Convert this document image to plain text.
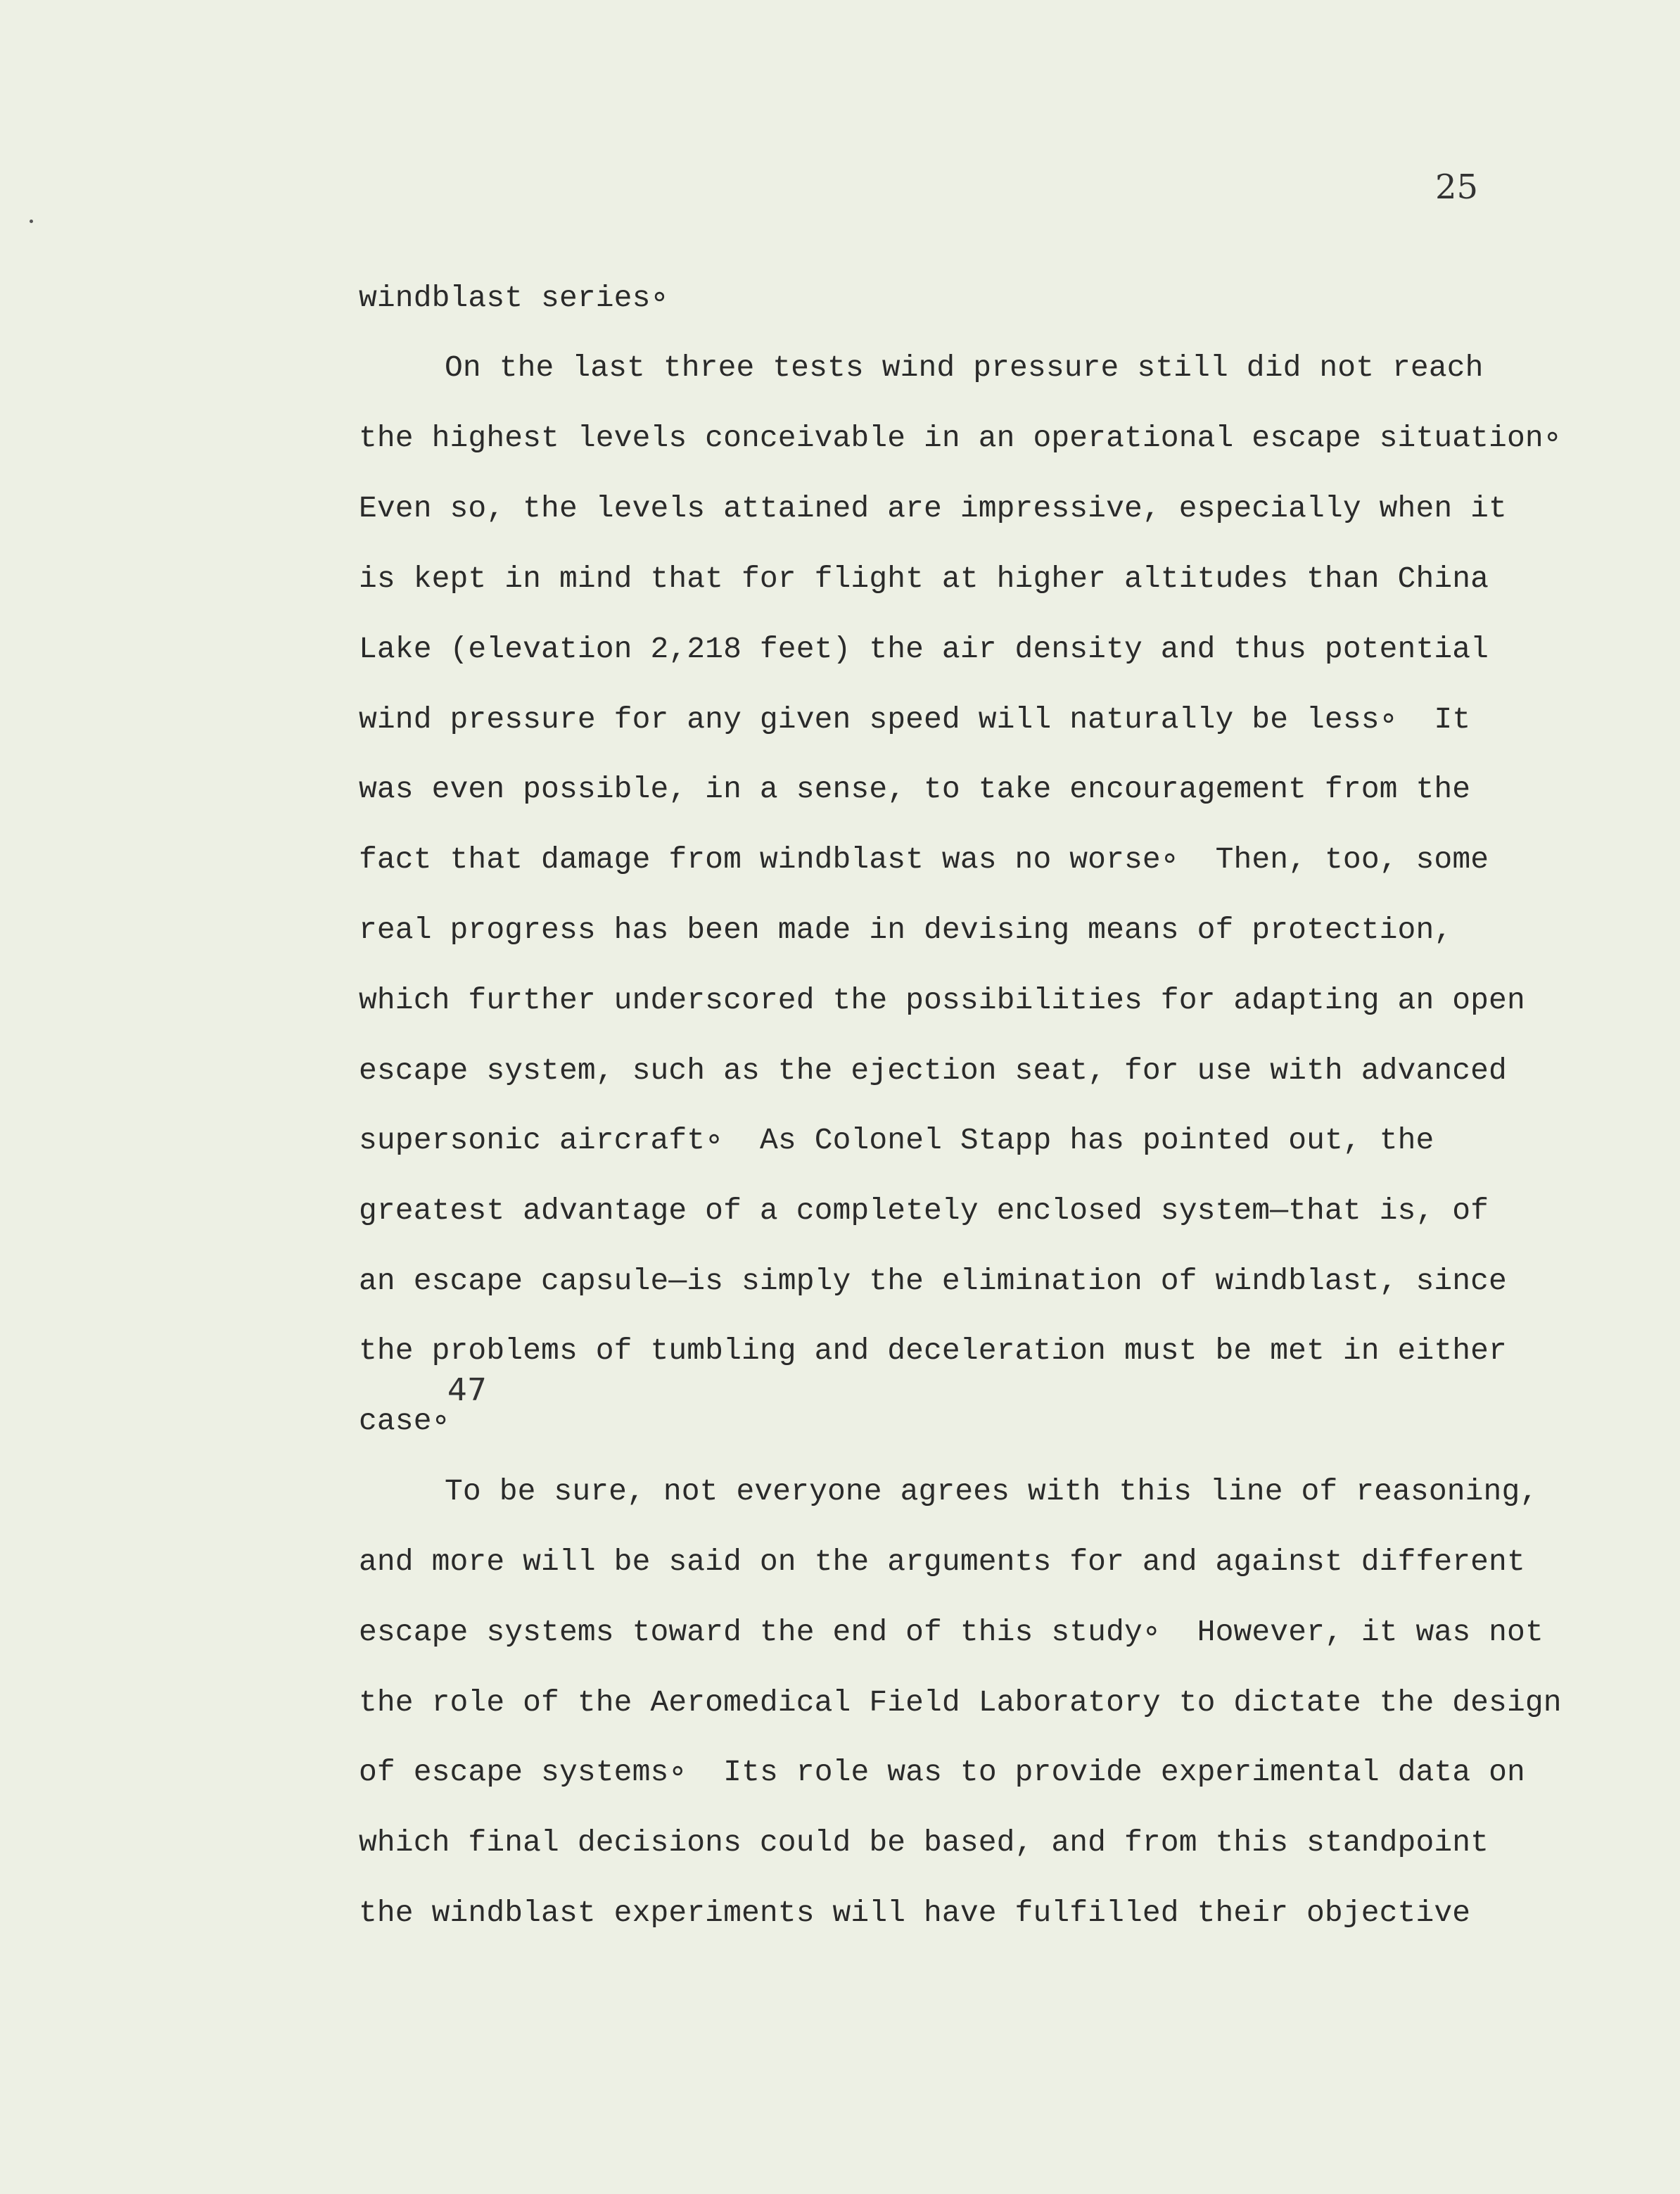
25
windblast series∘
On the last three tests wind pressure still did not reach
the highest levels conceivable in an operational escape situation∘
Even so, the levels attained are impressive, especially when it
is kept in mind that for flight at higher altitudes than China
Lake (elevation 2,218 feet) the air density and thus potential
wind pressure for any given speed will naturally be less∘  It
was even possible, in a sense, to take encouragement from the
fact that damage from windblast was no worse∘  Then, too, some
real progress has been made in devising means of protection,
which further underscored the possibilities for adapting an open
escape system, such as the ejection seat, for use with advanced
supersonic aircraft∘  As Colonel Stapp has pointed out, the
greatest advantage of a completely enclosed system—that is, of
an escape capsule—is simply the elimination of windblast, since
the problems of tumbling and deceleration must be met in either
47
case∘
To be sure, not everyone agrees with this line of reasoning,
and more will be said on the arguments for and against different
escape systems toward the end of this study∘  However, it was not
the role of the Aeromedical Field Laboratory to dictate the design
of escape systems∘  Its role was to provide experimental data on
which final decisions could be based, and from this standpoint
the windblast experiments will have fulfilled their objective
